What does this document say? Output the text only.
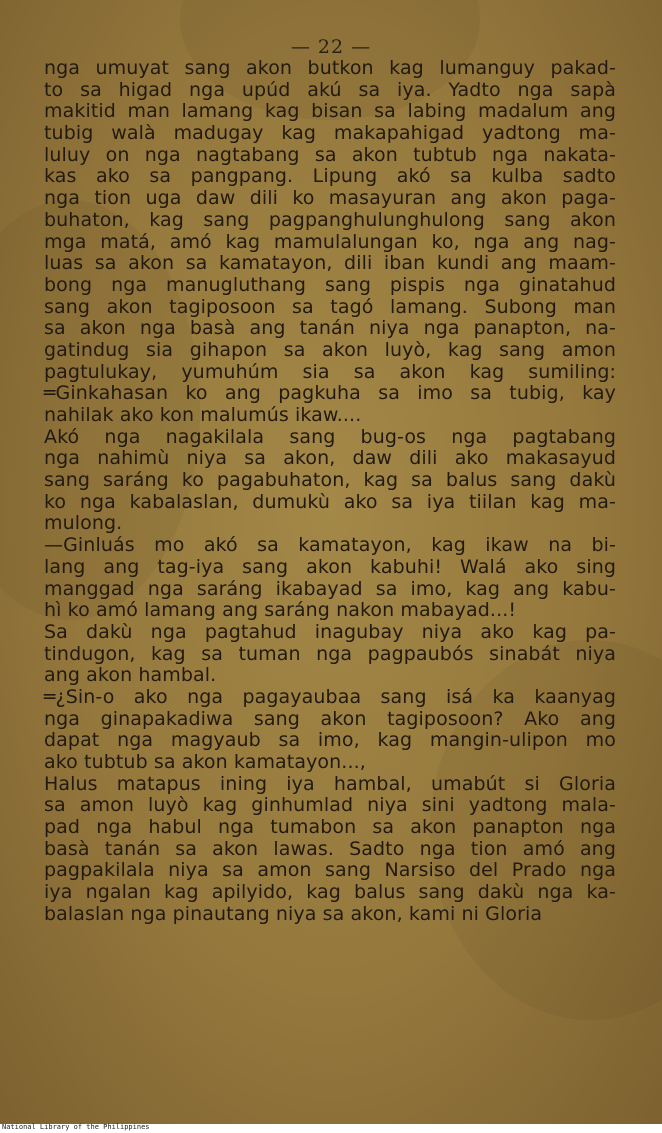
— 22 —
nga umuyat sang akon butkon kag lumanguy pakad-
to sa higad nga upúd akú sa iya. Yadto nga sapà
makitid man lamang kag bisan sa labing madalum ang
tubig walà madugay kag makapahigad yadtong ma-
luluy on nga nagtabang sa akon tubtub nga nakata-
kas ako sa pangpang. Lipung akó sa kulba sadto
nga tion uga daw dili ko masayuran ang akon paga-
buhaton, kag sang pagpanghulunghulong sang akon
mga matá, amó kag mamulalungan ko, nga ang nag-
luas sa akon sa kamatayon, dili iban kundi ang maam-
bong nga manugluthang sang pispis nga ginatahud
sang akon tagiposoon sa tagó lamang. Subong man
sa akon nga basà ang tanán niya nga panapton, na-
gatindug sia gihapon sa akon luyò, kag sang amon
pagtulukay, yumuhúm sia sa akon kag sumiling:
═Ginkahasan ko ang pagkuha sa imo sa tubig, kay
nahilak ako kon malumús ikaw....
Akó nga nagakilala sang bug-os nga pagtabang
nga nahimù niya sa akon, daw dili ako makasayud
sang saráng ko pagabuhaton, kag sa balus sang dakù
ko nga kabalaslan, dumukù ako sa iya tiilan kag ma-
mulong.
—Ginluás mo akó sa kamatayon, kag ikaw na bi-
lang ang tag-iya sang akon kabuhi! Walá ako sing
manggad nga saráng ikabayad sa imo, kag ang kabu-
hì ko amó lamang ang saráng nakon mabayad...!
Sa dakù nga pagtahud inagubay niya ako kag pa-
tindugon, kag sa tuman nga pagpaubós sinabát niya
ang akon hambal.
═¿Sin-o ako nga pagayaubaa sang isá ka kaanyag
nga ginapakadiwa sang akon tagiposoon? Ako ang
dapat nga magyaub sa imo, kag mangin-ulipon mo
ako tubtub sa akon kamatayon...,
Halus matapus ining iya hambal, umabút si Gloria
sa amon luyò kag ginhumlad niya sini yadtong mala-
pad nga habul nga tumabon sa akon panapton nga
basà tanán sa akon lawas. Sadto nga tion amó ang
pagpakilala niya sa amon sang Narsiso del Prado nga
iya ngalan kag apilyido, kag balus sang dakù nga ka-
balaslan nga pinautang niya sa akon, kami ni Gloria
National Library of the Philippines
